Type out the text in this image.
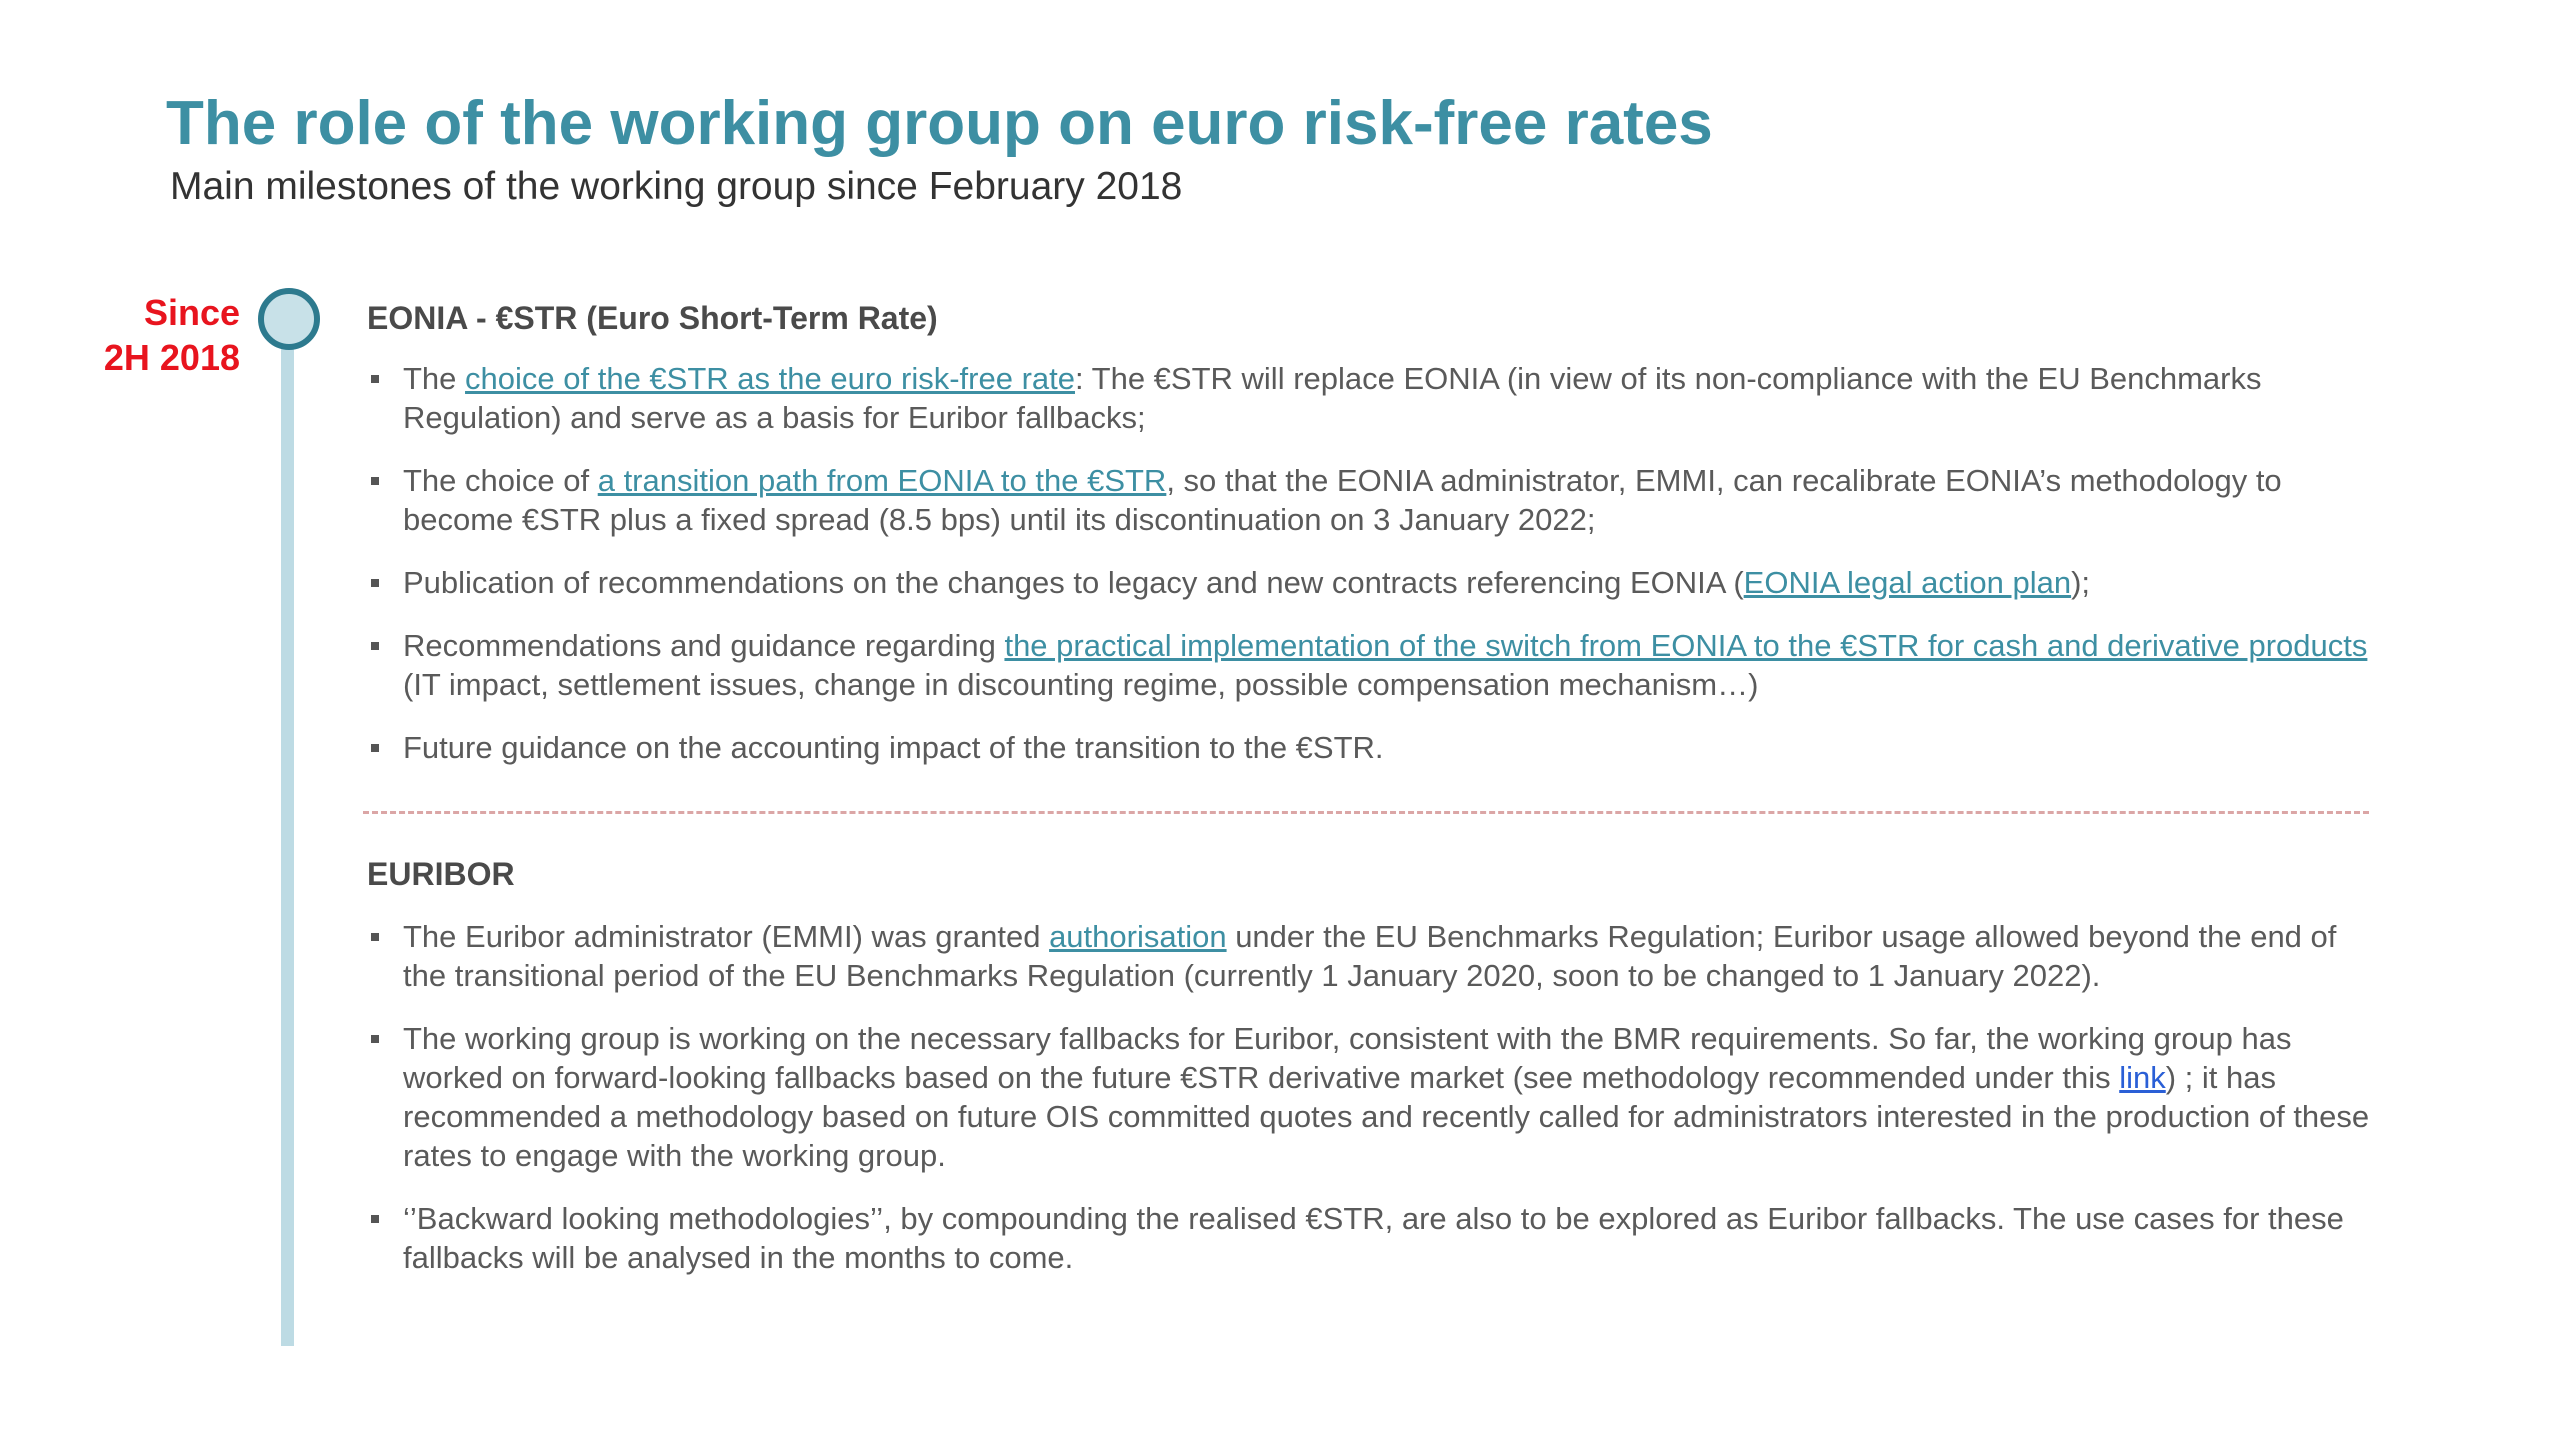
The role of the working group on euro risk-free rates
Main milestones of the working group since February 2018
Since
2H 2018
EONIA - €STR (Euro Short-Term Rate)
The choice of the €STR as the euro risk-free rate: The €STR will replace EONIA (in view of its non-compliance with the EU Benchmarks Regulation) and serve as a basis for Euribor fallbacks;
The choice of a transition path from EONIA to the €STR, so that the EONIA administrator, EMMI, can recalibrate EONIA’s methodology to become €STR plus a fixed spread (8.5 bps) until its discontinuation on 3 January 2022;
Publication of recommendations on the changes to legacy and new contracts referencing EONIA (EONIA legal action plan);
Recommendations and guidance regarding the practical implementation of the switch from EONIA to the €STR for cash and derivative products (IT impact, settlement issues, change in discounting regime, possible compensation mechanism…)
Future guidance on the accounting impact of the transition to the €STR.
EURIBOR
The Euribor administrator (EMMI) was granted authorisation under the EU Benchmarks Regulation; Euribor usage allowed beyond the end of the transitional period of the EU Benchmarks Regulation (currently 1 January 2020, soon to be changed to 1 January 2022).
The working group is working on the necessary fallbacks for Euribor, consistent with the BMR requirements. So far, the working group has worked on forward-looking fallbacks based on the future €STR derivative market (see methodology recommended under this link) ; it has recommended a methodology based on future OIS committed quotes and recently called for administrators interested in the production of these rates to engage with the working group.
‘’Backward looking methodologies’’, by compounding the realised €STR, are also to be explored as Euribor fallbacks. The use cases for these fallbacks will be analysed in the months to come.
